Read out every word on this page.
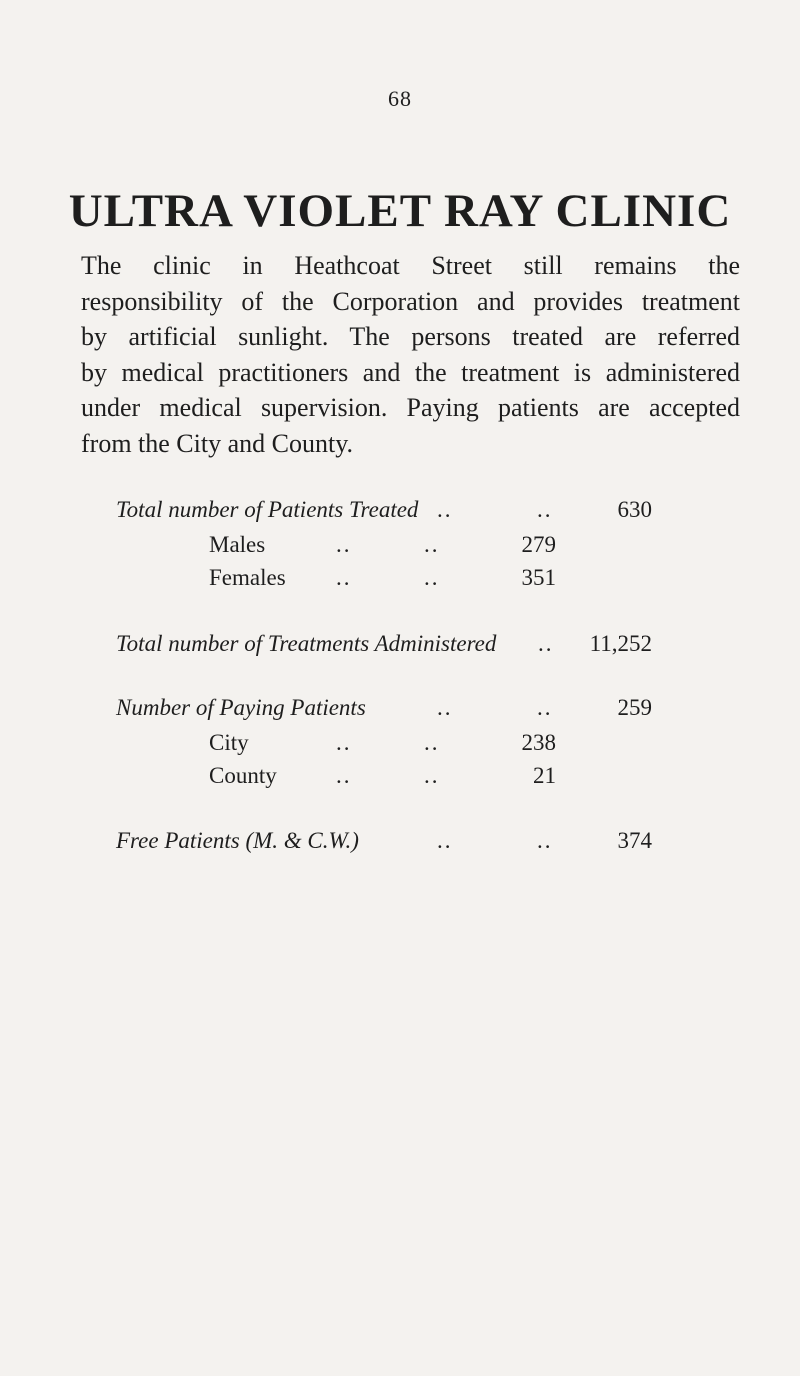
68
ULTRA VIOLET RAY CLINIC
The clinic in Heathcoat Street still remains the
responsibility of the Corporation and provides treatment
by artificial sunlight. The persons treated are referred
by medical practitioners and the treatment is administered
under medical supervision. Paying patients are accepted
from the City and County.
Total number of Patients Treated ..	..	630
Males	..	..	279
Females ..	..	351
Total number of Treatments Administered ..	11,252
Number of Paying Patients	..	..	259
City	..	..	238
County	..	..	21
Free Patients (M. & C.W.)	..	..	374
